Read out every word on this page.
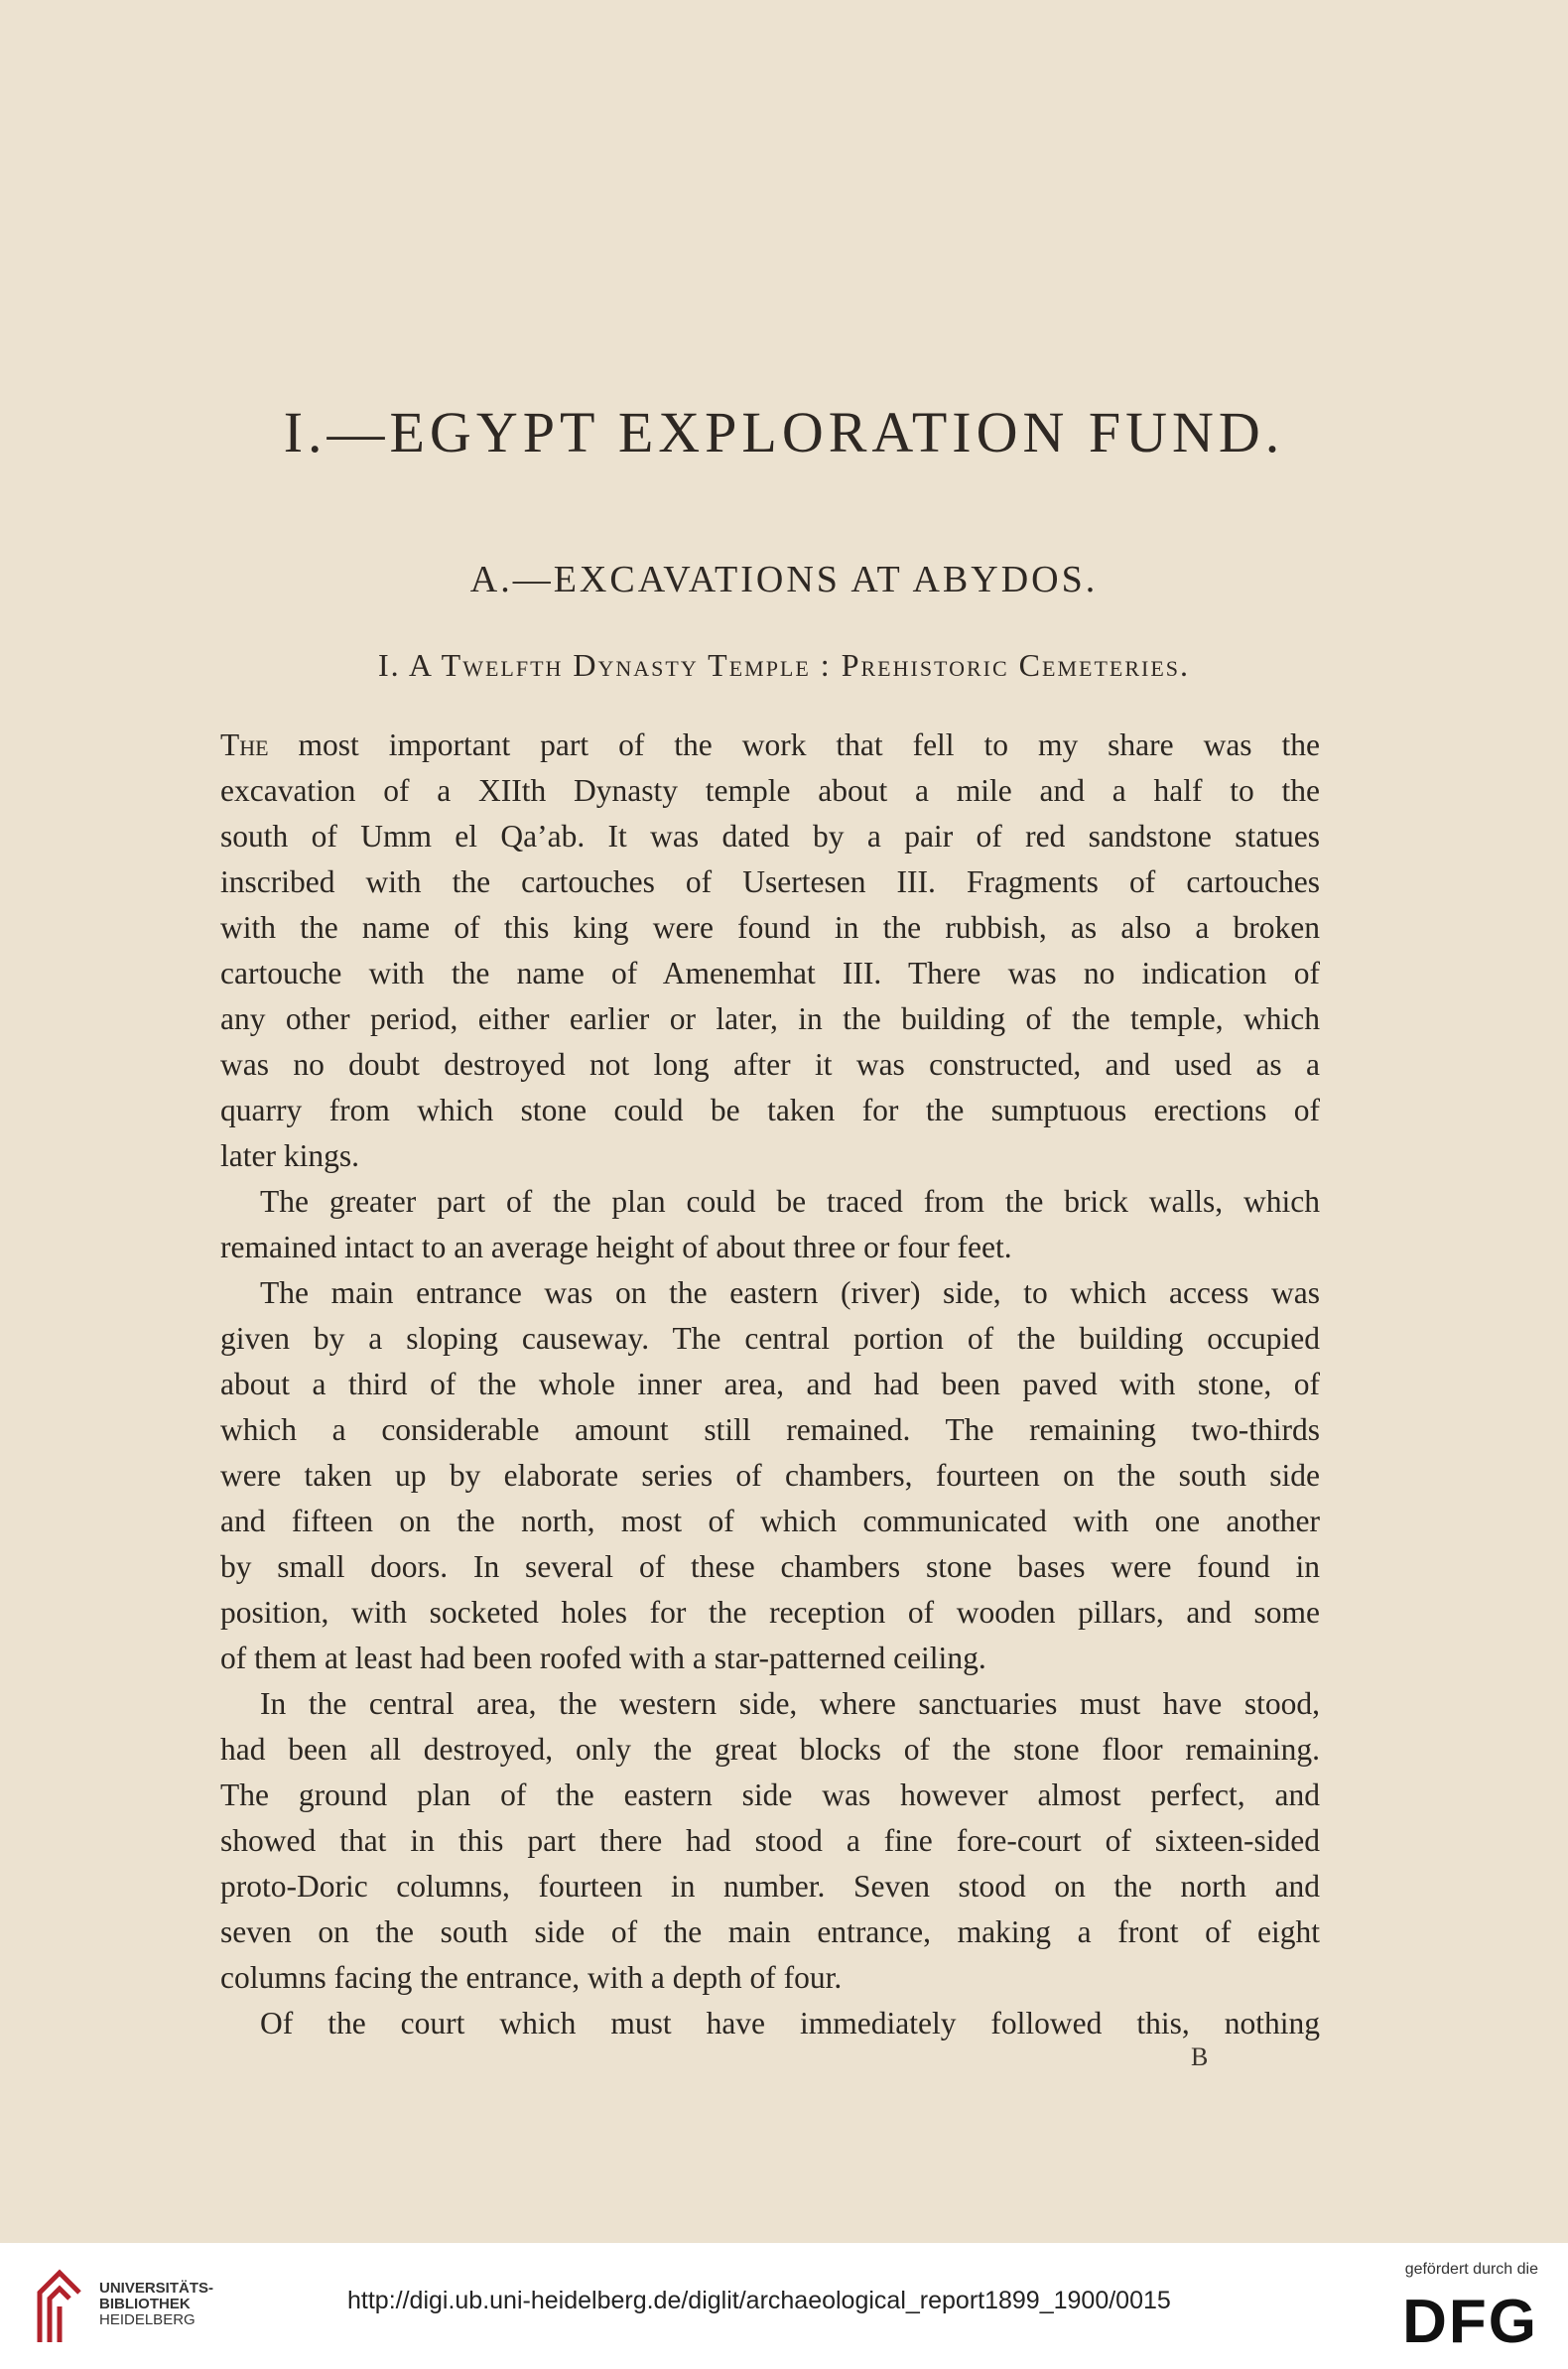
I.—EGYPT EXPLORATION FUND.
A.—EXCAVATIONS AT ABYDOS.
I. A Twelfth Dynasty Temple : Prehistoric Cemeteries.
The most important part of the work that fell to my share was the
excavation of a XIIth Dynasty temple about a mile and a half to the
south of Umm el Qa’ab. It was dated by a pair of red sandstone statues
inscribed with the cartouches of Usertesen III. Fragments of cartouches
with the name of this king were found in the rubbish, as also a broken
cartouche with the name of Amenemhat III. There was no indication of
any other period, either earlier or later, in the building of the temple, which
was no doubt destroyed not long after it was constructed, and used as a
quarry from which stone could be taken for the sumptuous erections of
later kings.
The greater part of the plan could be traced from the brick walls, which
remained intact to an average height of about three or four feet.
The main entrance was on the eastern (river) side, to which access was
given by a sloping causeway. The central portion of the building occupied
about a third of the whole inner area, and had been paved with stone, of
which a considerable amount still remained. The remaining two-thirds
were taken up by elaborate series of chambers, fourteen on the south side
and fifteen on the north, most of which communicated with one another
by small doors. In several of these chambers stone bases were found in
position, with socketed holes for the reception of wooden pillars, and some
of them at least had been roofed with a star-patterned ceiling.
In the central area, the western side, where sanctuaries must have stood,
had been all destroyed, only the great blocks of the stone floor remaining.
The ground plan of the eastern side was however almost perfect, and
showed that in this part there had stood a fine fore-court of sixteen-sided
proto-Doric columns, fourteen in number. Seven stood on the north and
seven on the south side of the main entrance, making a front of eight
columns facing the entrance, with a depth of four.
Of the court which must have immediately followed this, nothing
B
UNIVERSITÄTS-
BIBLIOTHEK
HEIDELBERG
http://digi.ub.uni-heidelberg.de/diglit/archaeological_report1899_1900/0015
gefördert durch die
DFG
